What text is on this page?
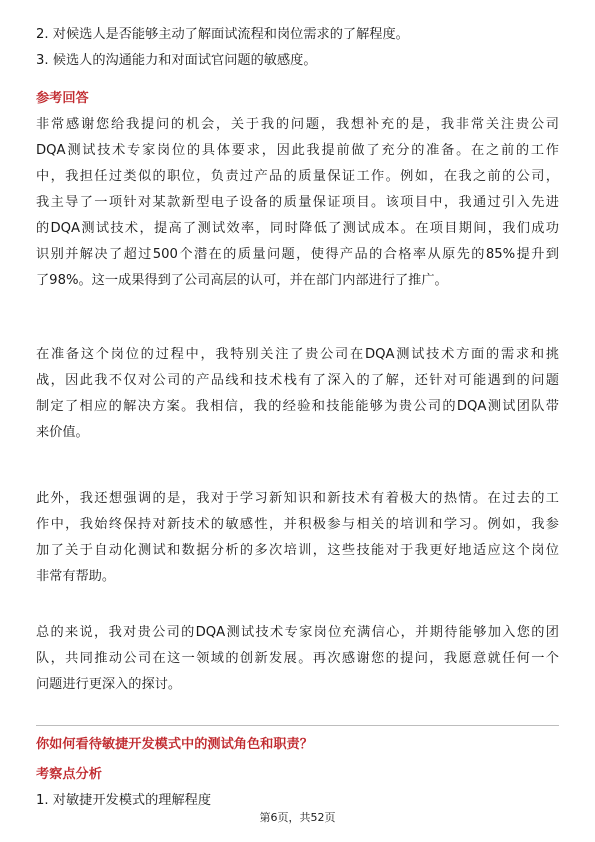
2. 对候选人是否能够主动了解面试流程和岗位需求的了解程度。
3. 候选人的沟通能力和对面试官问题的敏感度。
参考回答
非常感谢您给我提问的机会，关于我的问题，我想补充的是，我非常关注贵公司
DQA测试技术专家岗位的具体要求，因此我提前做了充分的准备。在之前的工作
中，我担任过类似的职位，负责过产品的质量保证工作。例如，在我之前的公司，
我主导了一项针对某款新型电子设备的质量保证项目。该项目中，我通过引入先进
的DQA测试技术，提高了测试效率，同时降低了测试成本。在项目期间，我们成功
识别并解决了超过500个潜在的质量问题，使得产品的合格率从原先的85%提升到
了98%。这一成果得到了公司高层的认可，并在部门内部进行了推广。
在准备这个岗位的过程中，我特别关注了贵公司在DQA测试技术方面的需求和挑
战，因此我不仅对公司的产品线和技术栈有了深入的了解，还针对可能遇到的问题
制定了相应的解决方案。我相信，我的经验和技能能够为贵公司的DQA测试团队带
来价值。
此外，我还想强调的是，我对于学习新知识和新技术有着极大的热情。在过去的工
作中，我始终保持对新技术的敏感性，并积极参与相关的培训和学习。例如，我参
加了关于自动化测试和数据分析的多次培训，这些技能对于我更好地适应这个岗位
非常有帮助。
总的来说，我对贵公司的DQA测试技术专家岗位充满信心，并期待能够加入您的团
队，共同推动公司在这一领域的创新发展。再次感谢您的提问，我愿意就任何一个
问题进行更深入的探讨。
你如何看待敏捷开发模式中的测试角色和职责？
考察点分析
1. 对敏捷开发模式的理解程度
第6页，共52页
